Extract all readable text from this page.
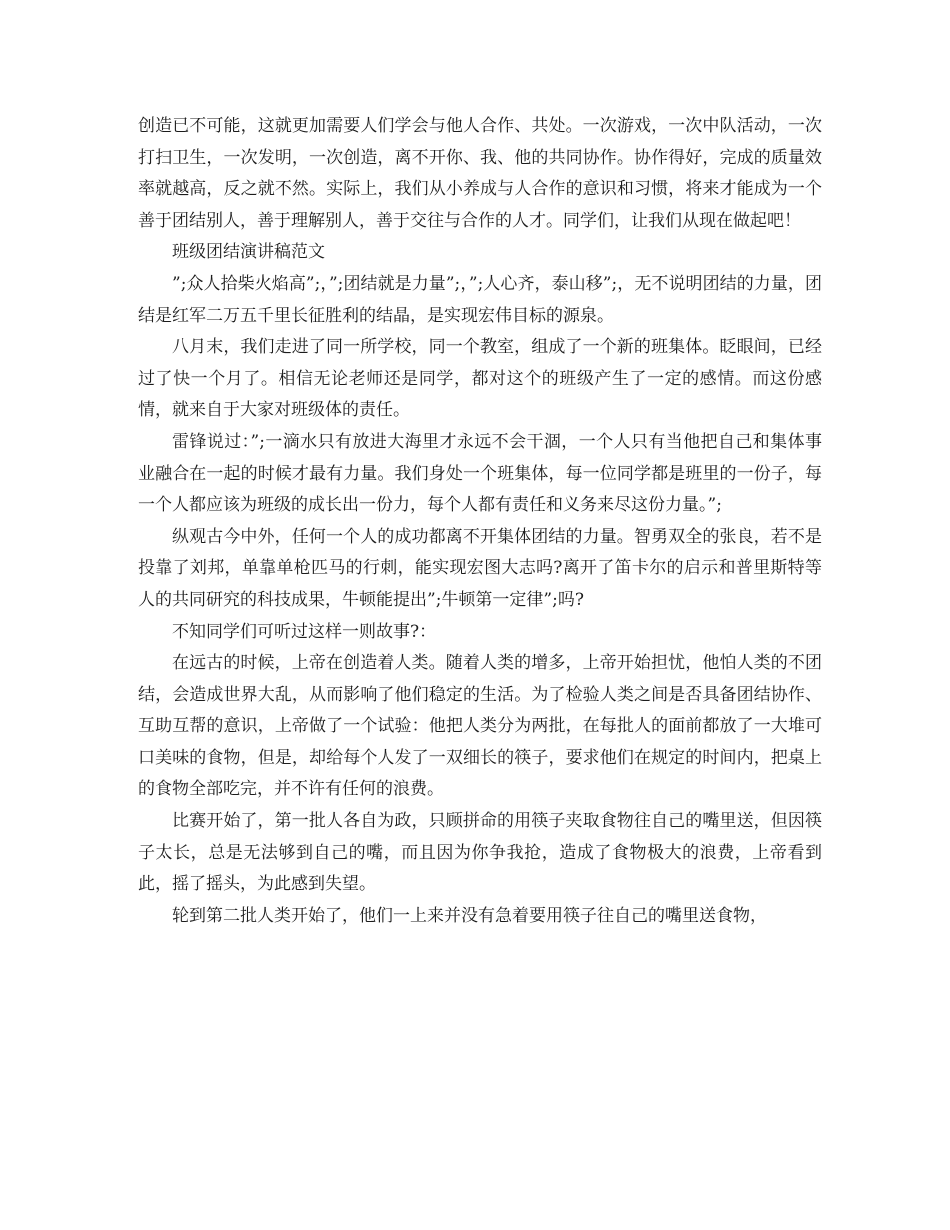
创造已不可能，这就更加需要人们学会与他人合作、共处。一次游戏，一次中队活动，一次打扫卫生，一次发明，一次创造，离不开你、我、他的共同协作。协作得好，完成的质量效率就越高，反之就不然。实际上，我们从小养成与人合作的意识和习惯，将来才能成为一个善于团结别人，善于理解别人，善于交往与合作的人才。同学们，让我们从现在做起吧！

班级团结演讲稿范文

”;众人拾柴火焰高”;，”;团结就是力量”;，”;人心齐，泰山移”;，无不说明团结的力量，团结是红军二万五千里长征胜利的结晶，是实现宏伟目标的源泉。

八月末，我们走进了同一所学校，同一个教室，组成了一个新的班集体。眨眼间，已经过了快一个月了。相信无论老师还是同学，都对这个的班级产生了一定的感情。而这份感情，就来自于大家对班级体的责任。

雷锋说过：”;一滴水只有放进大海里才永远不会干涸，一个人只有当他把自己和集体事业融合在一起的时候才最有力量。我们身处一个班集体，每一位同学都是班里的一份子，每一个人都应该为班级的成长出一份力，每个人都有责任和义务来尽这份力量。”;

纵观古今中外，任何一个人的成功都离不开集体团结的力量。智勇双全的张良，若不是投靠了刘邦，单靠单枪匹马的行刺，能实现宏图大志吗?离开了笛卡尔的启示和普里斯特等人的共同研究的科技成果，牛顿能提出”;牛顿第一定律”;吗?

不知同学们可听过这样一则故事?：

在远古的时候，上帝在创造着人类。随着人类的增多，上帝开始担忧，他怕人类的不团结，会造成世界大乱，从而影响了他们稳定的生活。为了检验人类之间是否具备团结协作、互助互帮的意识，上帝做了一个试验：他把人类分为两批，在每批人的面前都放了一大堆可口美味的食物，但是，却给每个人发了一双细长的筷子，要求他们在规定的时间内，把桌上的食物全部吃完，并不许有任何的浪费。

比赛开始了，第一批人各自为政，只顾拼命的用筷子夹取食物往自己的嘴里送，但因筷子太长，总是无法够到自己的嘴，而且因为你争我抢，造成了食物极大的浪费，上帝看到此，摇了摇头，为此感到失望。

轮到第二批人类开始了，他们一上来并没有急着要用筷子往自己的嘴里送食物，
